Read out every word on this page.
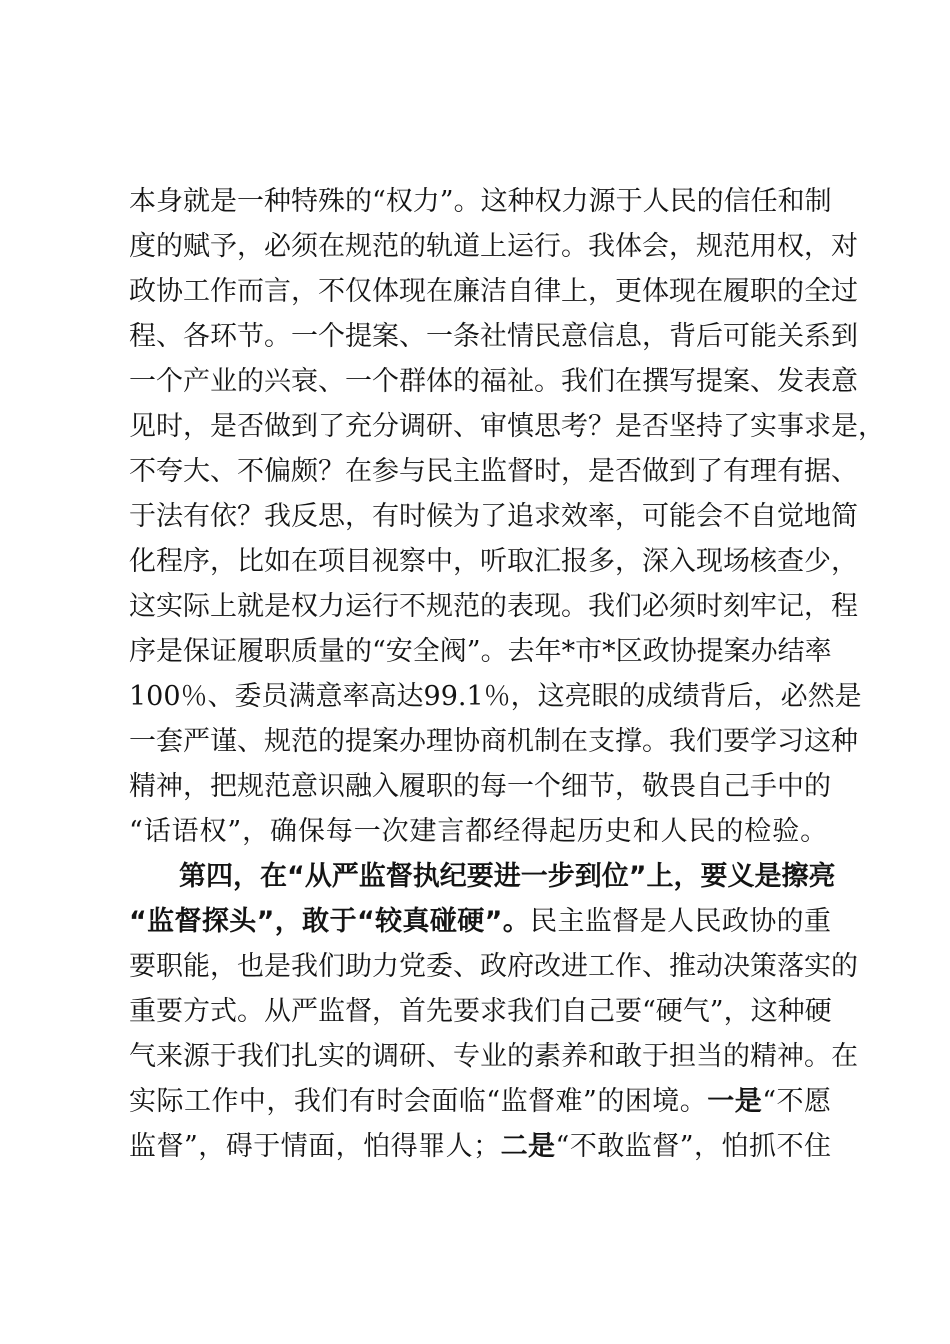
本身就是一种特殊的“权力”。这种权力源于人民的信任和制
度的赋予，必须在规范的轨道上运行。我体会，规范用权，对
政协工作而言，不仅体现在廉洁自律上，更体现在履职的全过
程、各环节。一个提案、一条社情民意信息，背后可能关系到
一个产业的兴衰、一个群体的福祉。我们在撰写提案、发表意
见时，是否做到了充分调研、审慎思考？是否坚持了实事求是，
不夸大、不偏颇？在参与民主监督时，是否做到了有理有据、
于法有依？我反思，有时候为了追求效率，可能会不自觉地简
化程序，比如在项目视察中，听取汇报多，深入现场核查少，
这实际上就是权力运行不规范的表现。我们必须时刻牢记，程
序是保证履职质量的“安全阀”。去年*市*区政协提案办结率
100％、委员满意率高达99.1％，这亮眼的成绩背后，必然是
一套严谨、规范的提案办理协商机制在支撑。我们要学习这种
精神，把规范意识融入履职的每一个细节，敬畏自己手中的
“话语权”，确保每一次建言都经得起历史和人民的检验。
第四，在“从严监督执纪要进一步到位”上，要义是擦亮
“监督探头”，敢于“较真碰硬”。民主监督是人民政协的重
要职能，也是我们助力党委、政府改进工作、推动决策落实的
重要方式。从严监督，首先要求我们自己要“硬气”，这种硬
气来源于我们扎实的调研、专业的素养和敢于担当的精神。在
实际工作中，我们有时会面临“监督难”的困境。一是“不愿
监督”，碍于情面，怕得罪人；二是“不敢监督”，怕抓不住
